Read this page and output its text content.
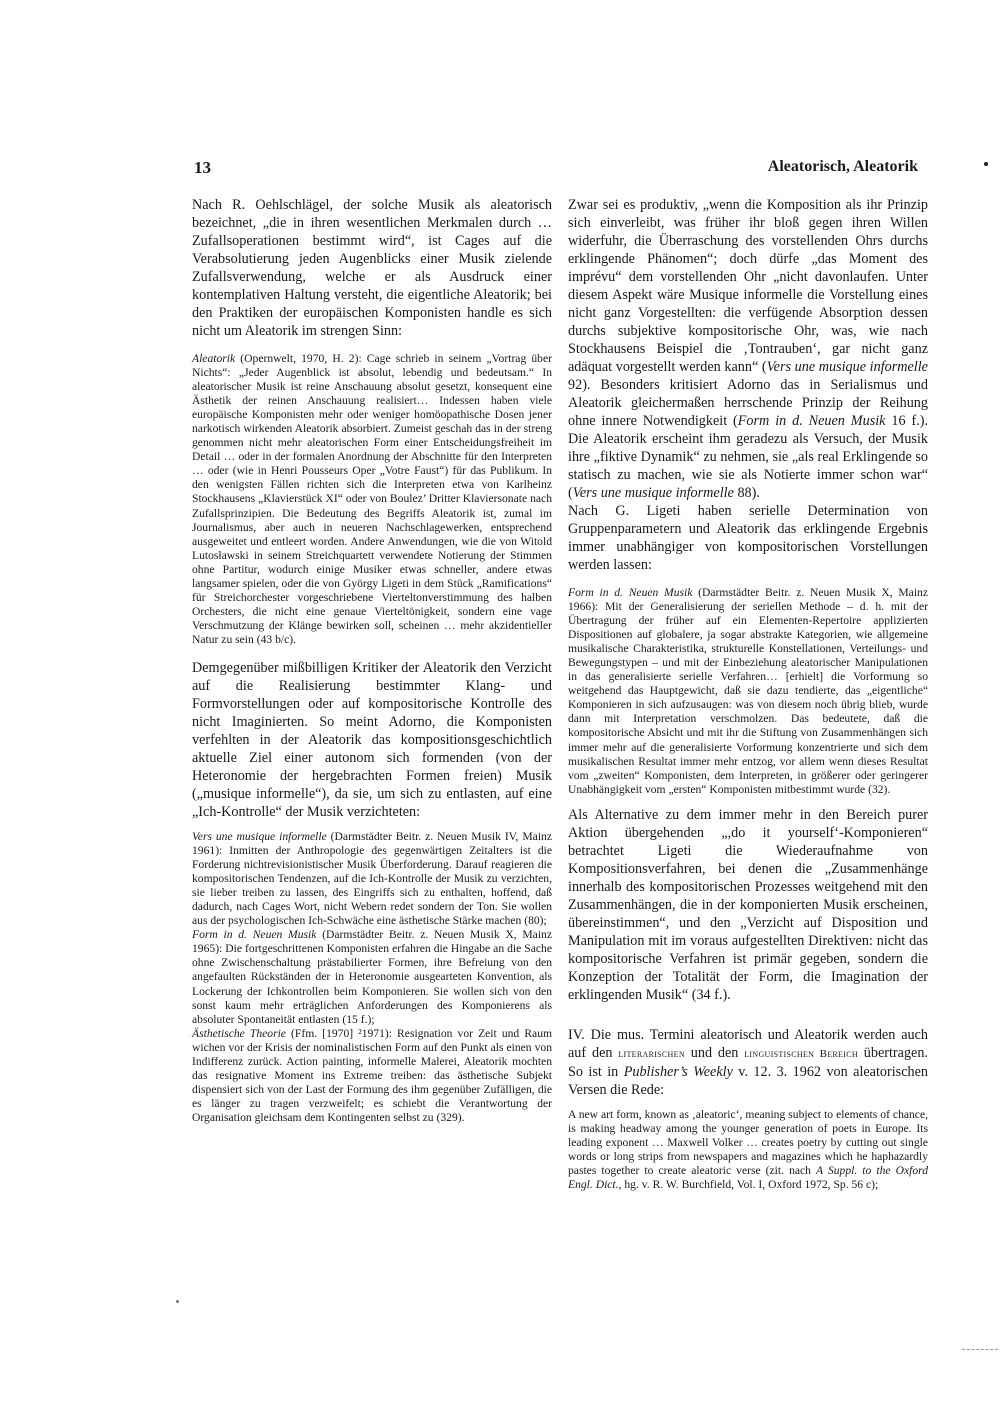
13	Aleatorisch, Aleatorik

Nach R. Oehlschlägel, der solche Musik als aleatorisch bezeichnet, „die in ihren wesentlichen Merkmalen durch … Zufallsoperationen bestimmt wird“, ist Cages auf die Verabsolutierung jeden Augenblicks einer Musik zielende Zufallsverwendung, welche er als Ausdruck einer kontemplativen Haltung versteht, die eigentliche Aleatorik; bei den Praktiken der europäischen Komponisten handle es sich nicht um Aleatorik im strengen Sinn:

Aleatorik (Opernwelt, 1970, H. 2): Cage schrieb in seinem „Vortrag über Nichts“: „Jeder Augenblick ist absolut, lebendig und bedeutsam.“ In aleatorischer Musik ist reine Anschauung absolut gesetzt, konsequent eine Ästhetik der reinen Anschauung realisiert… Indessen haben viele europäische Komponisten mehr oder weniger homöopathische Dosen jener narkotisch wirkenden Aleatorik absorbiert. Zumeist geschah das in der streng genommen nicht mehr aleatorischen Form einer Entscheidungsfreiheit im Detail … oder in der formalen Anordnung der Abschnitte für den Interpreten … oder (wie in Henri Pousseurs Oper „Votre Faust“) für das Publikum. In den wenigsten Fällen richten sich die Interpreten etwa von Karlheinz Stockhausens „Klavierstück XI“ oder von Boulez’ Dritter Klaviersonate nach Zufallsprinzipien. Die Bedeutung des Begriffs Aleatorik ist, zumal im Journalismus, aber auch in neueren Nachschlagewerken, entsprechend ausgeweitet und entleert worden. Andere Anwendungen, wie die von Witold Lutosławski in seinem Streichquartett verwendete Notierung der Stimmen ohne Partitur, wodurch einige Musiker etwas schneller, andere etwas langsamer spielen, oder die von György Ligeti in dem Stück „Ramifications“ für Streichorchester vorgeschriebene Vierteltonverstimmung des halben Orchesters, die nicht eine genaue Vierteltönigkeit, sondern eine vage Verschmutzung der Klänge bewirken soll, scheinen … mehr akzidentieller Natur zu sein (43 b/c).

Demgegenüber mißbilligen Kritiker der Aleatorik den Verzicht auf die Realisierung bestimmter Klang- und Formvorstellungen oder auf kompositorische Kontrolle des nicht Imaginierten. So meint Adorno, die Komponisten verfehlten in der Aleatorik das kompositionsgeschichtlich aktuelle Ziel einer autonom sich formenden (von der Heteronomie der hergebrachten Formen freien) Musik („musique informelle“), da sie, um sich zu entlasten, auf eine „Ich-Kontrolle“ der Musik verzichteten:

Vers une musique informelle (Darmstädter Beitr. z. Neuen Musik IV, Mainz 1961): Inmitten der Anthropologie des gegenwärtigen Zeitalters ist die Forderung nichtrevisionistischer Musik Überforderung. Darauf reagieren die kompositorischen Tendenzen, auf die Ich-Kontrolle der Musik zu verzichten, sie lieber treiben zu lassen, des Eingriffs sich zu enthalten, hoffend, daß dadurch, nach Cages Wort, nicht Webern redet sondern der Ton. Sie wollen aus der psychologischen Ich-Schwäche eine ästhetische Stärke machen (80);

Form in d. Neuen Musik (Darmstädter Beitr. z. Neuen Musik X, Mainz 1965): Die fortgeschrittenen Komponisten erfahren die Hingabe an die Sache ohne Zwischenschaltung prästabilierter Formen, ihre Befreiung von den angefaulten Rückständen der in Heteronomie ausgearteten Konvention, als Lockerung der Ichkontrollen beim Komponieren. Sie wollen sich von den sonst kaum mehr erträglichen Anforderungen des Komponierens als absoluter Spontaneität entlasten (15 f.);

Ästhetische Theorie (Ffm. [1970] ²1971): Resignation vor Zeit und Raum wichen vor der Krisis der nominalistischen Form auf den Punkt als einen von Indifferenz zurück. Action painting, informelle Malerei, Aleatorik mochten das resignative Moment ins Extreme treiben: das ästhetische Subjekt dispensiert sich von der Last der Formung des ihm gegenüber Zufälligen, die es länger zu tragen verzweifelt; es schiebt die Verantwortung der Organisation gleichsam dem Kontingenten selbst zu (329).

Zwar sei es produktiv, „wenn die Komposition als ihr Prinzip sich einverleibt, was früher ihr bloß gegen ihren Willen widerfuhr, die Überraschung des vorstellenden Ohrs durchs erklingende Phänomen“; doch dürfe „das Moment des imprévu“ dem vorstellenden Ohr „nicht davonlaufen. Unter diesem Aspekt wäre Musique informelle die Vorstellung eines nicht ganz Vorgestellten: die verfügende Absorption dessen durchs subjektive kompositorische Ohr, was, wie nach Stockhausens Beispiel die ‚Tontrauben‘, gar nicht ganz adäquat vorgestellt werden kann“ (Vers une musique informelle 92). Besonders kritisiert Adorno das in Serialismus und Aleatorik gleichermaßen herrschende Prinzip der Reihung ohne innere Notwendigkeit (Form in d. Neuen Musik 16 f.). Die Aleatorik erscheint ihm geradezu als Versuch, der Musik ihre „fiktive Dynamik“ zu nehmen, sie „als real Erklingende so statisch zu machen, wie sie als Notierte immer schon war“ (Vers une musique informelle 88).

Nach G. Ligeti haben serielle Determination von Gruppenparametern und Aleatorik das erklingende Ergebnis immer unabhängiger von kompositorischen Vorstellungen werden lassen:

Form in d. Neuen Musik (Darmstädter Beitr. z. Neuen Musik X, Mainz 1966): Mit der Generalisierung der seriellen Methode – d. h. mit der Übertragung der früher auf ein Elementen-Repertoire applizierten Dispositionen auf globalere, ja sogar abstrakte Kategorien, wie allgemeine musikalische Charakteristika, strukturelle Konstellationen, Verteilungs- und Bewegungstypen – und mit der Einbeziehung aleatorischer Manipulationen in das generalisierte serielle Verfahren… [erhielt] die Vorformung so weitgehend das Hauptgewicht, daß sie dazu tendierte, das „eigentliche“ Komponieren in sich aufzusaugen: was von diesem noch übrig blieb, wurde dann mit Interpretation verschmolzen. Das bedeutete, daß die kompositorische Absicht und mit ihr die Stiftung von Zusammenhängen sich immer mehr auf die generalisierte Vorformung konzentrierte und sich dem musikalischen Resultat immer mehr entzog, vor allem wenn dieses Resultat vom „zweiten“ Komponisten, dem Interpreten, in größerer oder geringerer Unabhängigkeit vom „ersten“ Komponisten mitbestimmt wurde (32).

Als Alternative zu dem immer mehr in den Bereich purer Aktion übergehenden „,do it yourself‘-Komponieren“ betrachtet Ligeti die Wiederaufnahme von Kompositionsverfahren, bei denen die „Zusammenhänge innerhalb des kompositorischen Prozesses weitgehend mit den Zusammenhängen, die in der komponierten Musik erscheinen, übereinstimmen“, und den „Verzicht auf Disposition und Manipulation mit im voraus aufgestellten Direktiven: nicht das kompositorische Verfahren ist primär gegeben, sondern die Konzeption der Totalität der Form, die Imagination der erklingenden Musik“ (34 f.).

IV. Die mus. Termini aleatorisch und Aleatorik werden auch auf den literarischen und den linguistischen Bereich übertragen. So ist in Publisher’s Weekly v. 12. 3. 1962 von aleatorischen Versen die Rede:

A new art form, known as ‚aleatoric‘, meaning subject to elements of chance, is making headway among the younger generation of poets in Europe. Its leading exponent … Maxwell Volker … creates poetry by cutting out single words or long strips from newspapers and magazines which he haphazardly pastes together to create aleatoric verse (zit. nach A Suppl. to the Oxford Engl. Dict., hg. v. R. W. Burchfield, Vol. I, Oxford 1972, Sp. 56 c);
